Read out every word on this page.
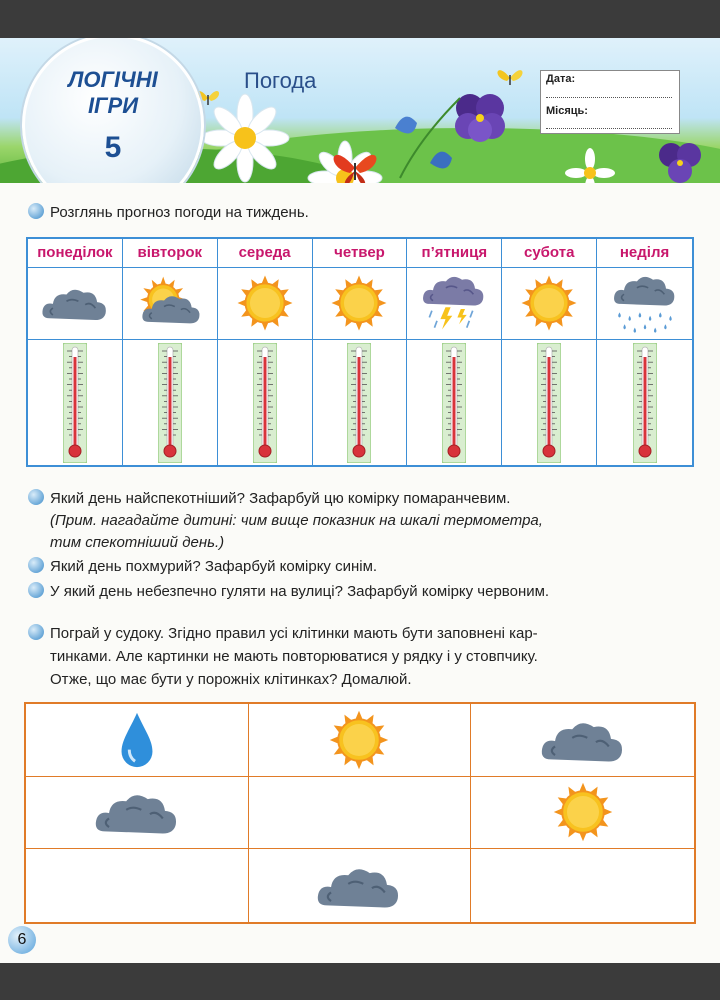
ЛОГІЧНІ
ІГРИ
5
Погода	Дата:
Місяць:
Розглянь прогноз погоди на тиждень.
понеділок	вівторок	середа	четвер	п’ятниця	субота	неділя
Який день найспекотніший? Зафарбуй цю комірку помаранчевим.
(Прим. нагадайте дитині: чим вище показник на шкалі термометра,
тим спекотніший день.)
Який день похмурий? Зафарбуй комірку синім.
У який день небезпечно гуляти на вулиці? Зафарбуй комірку червоним.
Пограй у судоку. Згідно правил усі клітинки мають бути заповнені кар-
тинками. Але картинки не мають повторюватися у рядку і у стовпчику.
Отже, що має бути у порожніх клітинках? Домалюй.
6
